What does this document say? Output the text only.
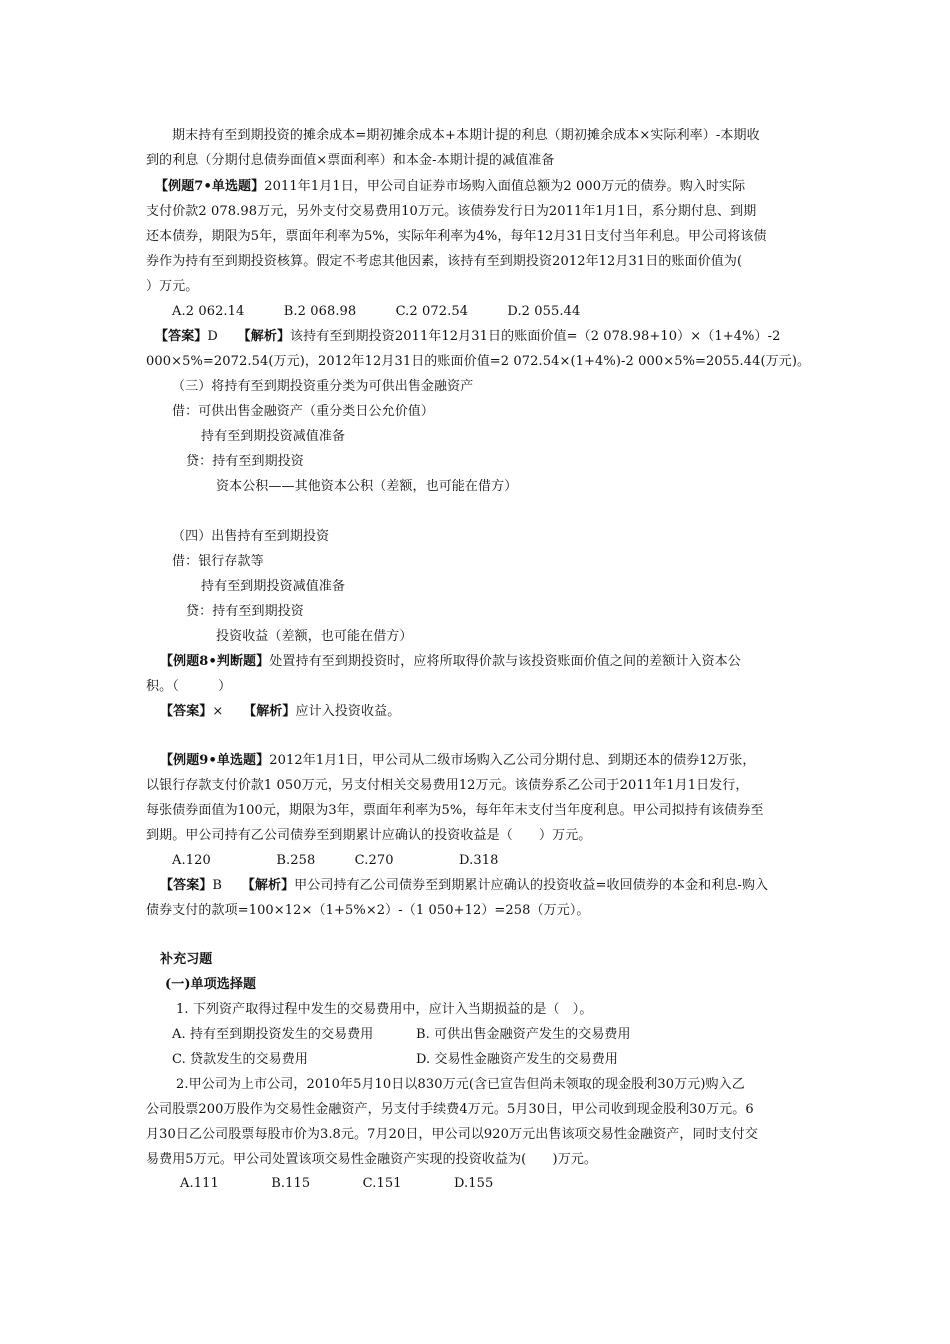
期末持有至到期投资的摊余成本=期初摊余成本+本期计提的利息（期初摊余成本×实际利率）-本期收
到的利息（分期付息债券面值×票面利率）和本金-本期计提的减值准备
【例题7•单选题】2011年1月1日，甲公司自证券市场购入面值总额为2 000万元的债券。购入时实际
支付价款2 078.98万元，另外支付交易费用10万元。该债券发行日为2011年1月1日，系分期付息、到期
还本债券，期限为5年，票面年利率为5%，实际年利率为4%，每年12月31日支付当年利息。甲公司将该债
券作为持有至到期投资核算。假定不考虑其他因素，该持有至到期投资2012年12月31日的账面价值为(
）万元。
A.2 062.14　　　B.2 068.98　　　C.2 072.54　　　D.2 055.44
【答案】D　　【解析】该持有至到期投资2011年12月31日的账面价值=（2 078.98+10）×（1+4%）-2
000×5%=2072.54(万元)，2012年12月31日的账面价值=2 072.54×(1+4%)-2 000×5%=2055.44(万元)。
（三）将持有至到期投资重分类为可供出售金融资产
借：可供出售金融资产（重分类日公允价值）
持有至到期投资减值准备
贷：持有至到期投资
资本公积——其他资本公积（差额，也可能在借方）
（四）出售持有至到期投资
借：银行存款等
持有至到期投资减值准备
贷：持有至到期投资
投资收益（差额，也可能在借方）
【例题8•判断题】处置持有至到期投资时，应将所取得价款与该投资账面价值之间的差额计入资本公
积。（　　　）
【答案】×　　【解析】应计入投资收益。
【例题9•单选题】2012年1月1日，甲公司从二级市场购入乙公司分期付息、到期还本的债券12万张，
以银行存款支付价款1 050万元，另支付相关交易费用12万元。该债券系乙公司于2011年1月1日发行，
每张债券面值为100元，期限为3年，票面年利率为5%，每年年末支付当年度利息。甲公司拟持有该债券至
到期。甲公司持有乙公司债券至到期累计应确认的投资收益是（　　）万元。
A.120　　　　　B.258　　　C.270　　　　　D.318
【答案】B　　【解析】甲公司持有乙公司债券至到期累计应确认的投资收益=收回债券的本金和利息-购入
债券支付的款项=100×12×（1+5%×2）-（1 050+12）=258（万元）。
补充习题
(一)单项选择题
1. 下列资产取得过程中发生的交易费用中，应计入当期损益的是（　）。
A. 持有至到期投资发生的交易费用	B. 可供出售金融资产发生的交易费用
C. 贷款发生的交易费用	D. 交易性金融资产发生的交易费用
2.甲公司为上市公司，2010年5月10日以830万元(含已宣告但尚未领取的现金股利30万元)购入乙
公司股票200万股作为交易性金融资产，另支付手续费4万元。5月30日，甲公司收到现金股利30万元。6
月30日乙公司股票每股市价为3.8元。7月20日，甲公司以920万元出售该项交易性金融资产，同时支付交
易费用5万元。甲公司处置该项交易性金融资产实现的投资收益为(　　)万元。
A.111　　　　B.115　　　　C.151　　　　D.155
